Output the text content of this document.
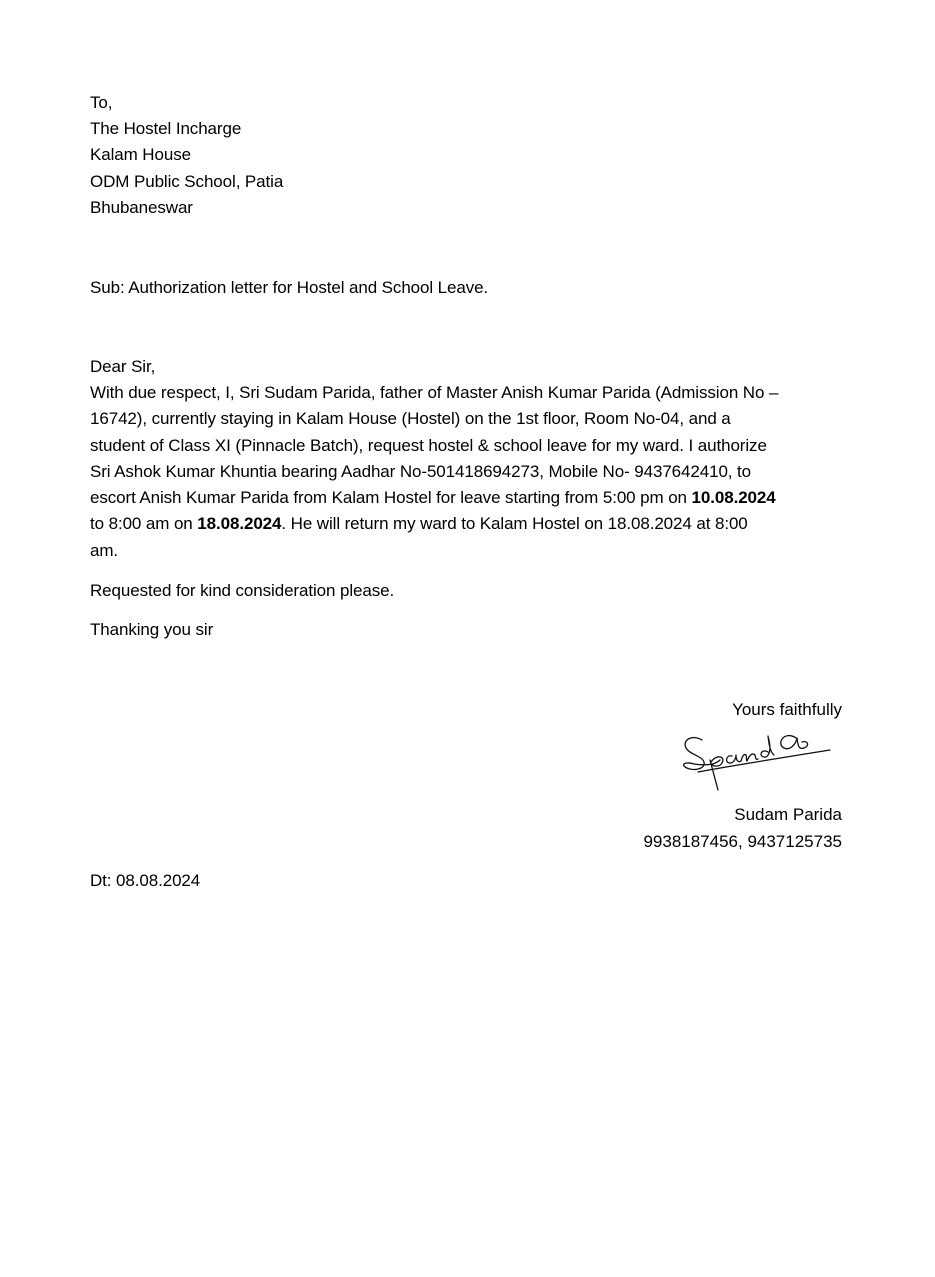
To,
The Hostel Incharge
Kalam House
ODM Public School, Patia
Bhubaneswar
Sub: Authorization letter for Hostel and School Leave.
Dear Sir,
With due respect, I, Sri Sudam Parida, father of Master Anish Kumar Parida (Admission No –
16742), currently staying in Kalam House (Hostel) on the 1st floor, Room No-04, and a
student of Class XI (Pinnacle Batch), request hostel & school leave for my ward. I authorize
Sri Ashok Kumar Khuntia bearing Aadhar No-501418694273, Mobile No- 9437642410, to
escort Anish Kumar Parida from Kalam Hostel for leave starting from 5:00 pm on 10.08.2024
to 8:00 am on 18.08.2024. He will return my ward to Kalam Hostel on 18.08.2024 at 8:00
am.
Requested for kind consideration please.
Thanking you sir
Yours faithfully
Sudam Parida
9938187456, 9437125735
Dt: 08.08.2024
